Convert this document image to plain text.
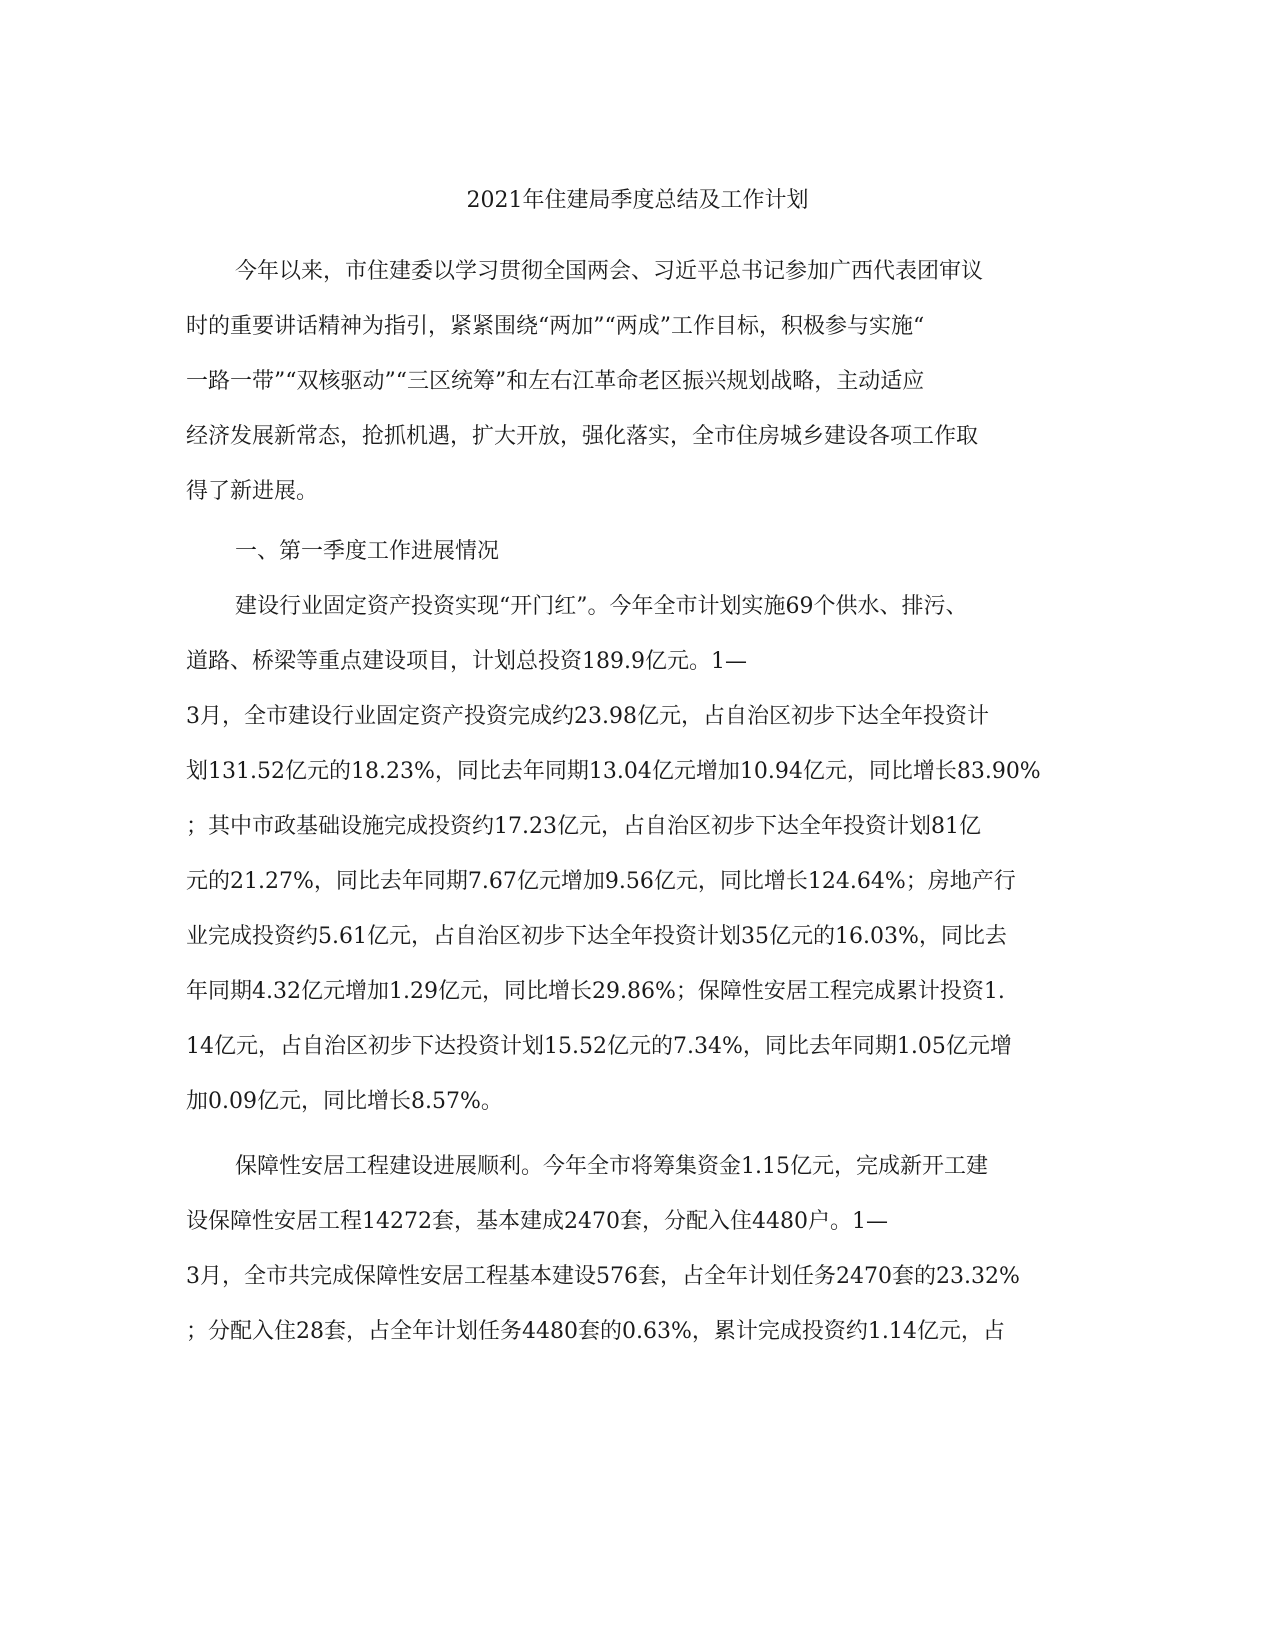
2021年住建局季度总结及工作计划

今年以来，市住建委以学习贯彻全国两会、习近平总书记参加广西代表团审议

时的重要讲话精神为指引，紧紧围绕“两加”“两成”工作目标，积极参与实施“

一路一带”“双核驱动”“三区统筹”和左右江革命老区振兴规划战略，主动适应

经济发展新常态，抢抓机遇，扩大开放，强化落实，全市住房城乡建设各项工作取

得了新进展。

一、第一季度工作进展情况

建设行业固定资产投资实现“开门红”。今年全市计划实施69个供水、排污、

道路、桥梁等重点建设项目，计划总投资189.9亿元。1—

3月，全市建设行业固定资产投资完成约23.98亿元，占自治区初步下达全年投资计

划131.52亿元的18.23%，同比去年同期13.04亿元增加10.94亿元，同比增长83.90%

；其中市政基础设施完成投资约17.23亿元，占自治区初步下达全年投资计划81亿

元的21.27%，同比去年同期7.67亿元增加9.56亿元，同比增长124.64%；房地产行

业完成投资约5.61亿元，占自治区初步下达全年投资计划35亿元的16.03%，同比去

年同期4.32亿元增加1.29亿元，同比增长29.86%；保障性安居工程完成累计投资1.

14亿元，占自治区初步下达投资计划15.52亿元的7.34%，同比去年同期1.05亿元增

加0.09亿元，同比增长8.57%。

保障性安居工程建设进展顺利。今年全市将筹集资金1.15亿元，完成新开工建

设保障性安居工程14272套，基本建成2470套，分配入住4480户。1—

3月，全市共完成保障性安居工程基本建设576套，占全年计划任务2470套的23.32%

；分配入住28套，占全年计划任务4480套的0.63%，累计完成投资约1.14亿元，占
